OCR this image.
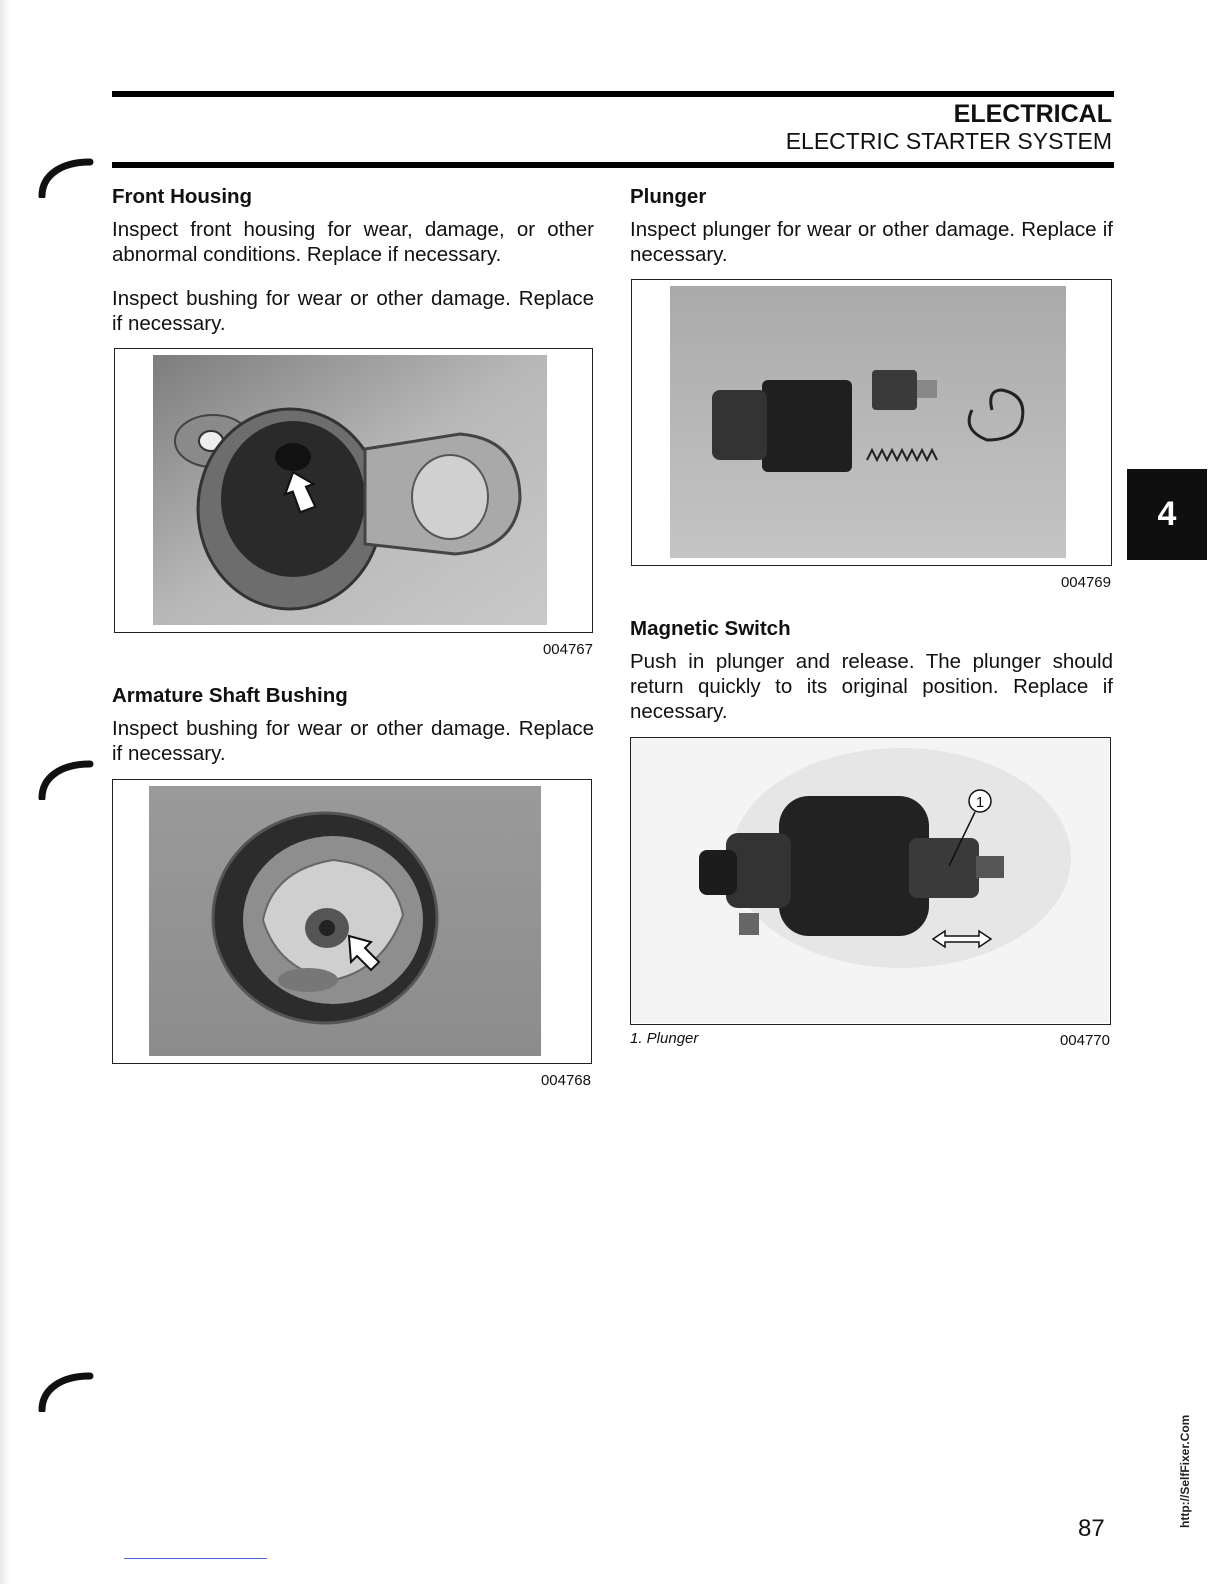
ELECTRICAL
ELECTRIC STARTER SYSTEM
Front Housing
Inspect front housing for wear, damage, or other abnormal conditions. Replace if necessary.
Inspect bushing for wear or other damage. Replace if necessary.
004767
Armature Shaft Bushing
Inspect bushing for wear or other damage. Replace if necessary.
004768
Plunger
Inspect plunger for wear or other damage. Replace if necessary.
004769
Magnetic Switch
Push in plunger and release. The plunger should return quickly to its original position. Replace if necessary.
1
1. Plunger	004770
4
http://SelfFixer.Com
87
